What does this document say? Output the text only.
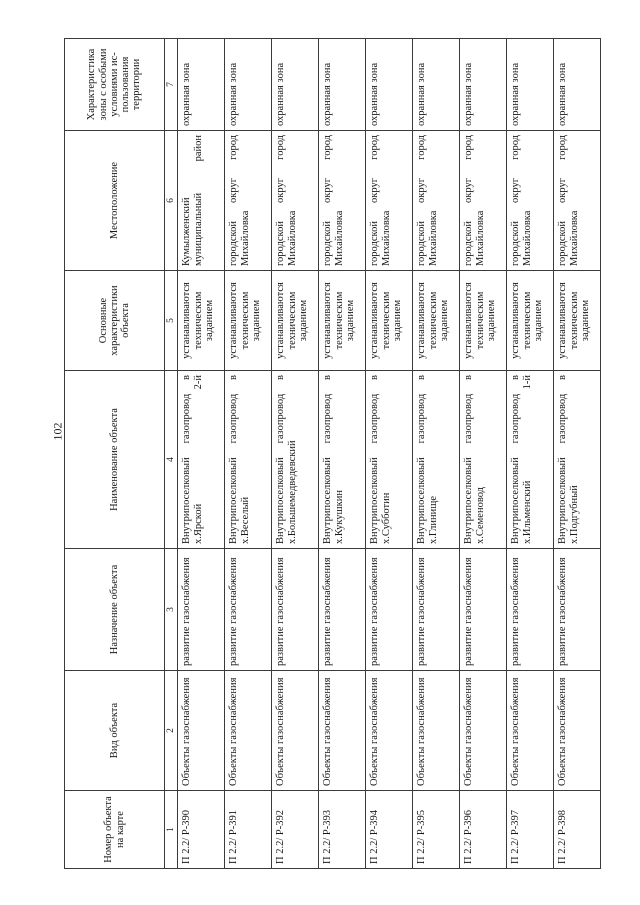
102
Номер объекта на карте	Вид объекта	Назначение объекта	Наименование объекта	Основные характеристики объекта	Местоположение	Характеристика зоны с особыми условиями ис-пользования территории
1	2	3	4	5	6	7
П 2.2/ Р-390	Объекты газоснабжения	развитие газоснабжения	Внутрипоселковый газопровод в х.Ярской 2-й	устанавливаются техническим заданием	Кумылженский муниципальный район	охранная зона
П 2.2/ Р-391	Объекты газоснабжения	развитие газоснабжения	Внутрипоселковый газопровод в х.Веселый	устанавливаются техническим заданием	городской округ город Михайловка	охранная зона
П 2.2/ Р-392	Объекты газоснабжения	развитие газоснабжения	Внутрипоселковый газопровод в х.Большемедведевский	устанавливаются техническим заданием	городской округ город Михайловка	охранная зона
П 2.2/ Р-393	Объекты газоснабжения	развитие газоснабжения	Внутрипоселковый газопровод в х.Кукушкин	устанавливаются техническим заданием	городской округ город Михайловка	охранная зона
П 2.2/ Р-394	Объекты газоснабжения	развитие газоснабжения	Внутрипоселковый газопровод в х.Субботин	устанавливаются техническим заданием	городской округ город Михайловка	охранная зона
П 2.2/ Р-395	Объекты газоснабжения	развитие газоснабжения	Внутрипоселковый газопровод в х.Глинище	устанавливаются техническим заданием	городской округ город Михайловка	охранная зона
П 2.2/ Р-396	Объекты газоснабжения	развитие газоснабжения	Внутрипоселковый газопровод в х.Семеновод	устанавливаются техническим заданием	городской округ город Михайловка	охранная зона
П 2.2/ Р-397	Объекты газоснабжения	развитие газоснабжения	Внутрипоселковый газопровод в х.Ильменский 1-й	устанавливаются техническим заданием	городской округ город Михайловка	охранная зона
П 2.2/ Р-398	Объекты газоснабжения	развитие газоснабжения	Внутрипоселковый газопровод в х.Подгубный	устанавливаются техническим заданием	городской округ город Михайловка	охранная зона
